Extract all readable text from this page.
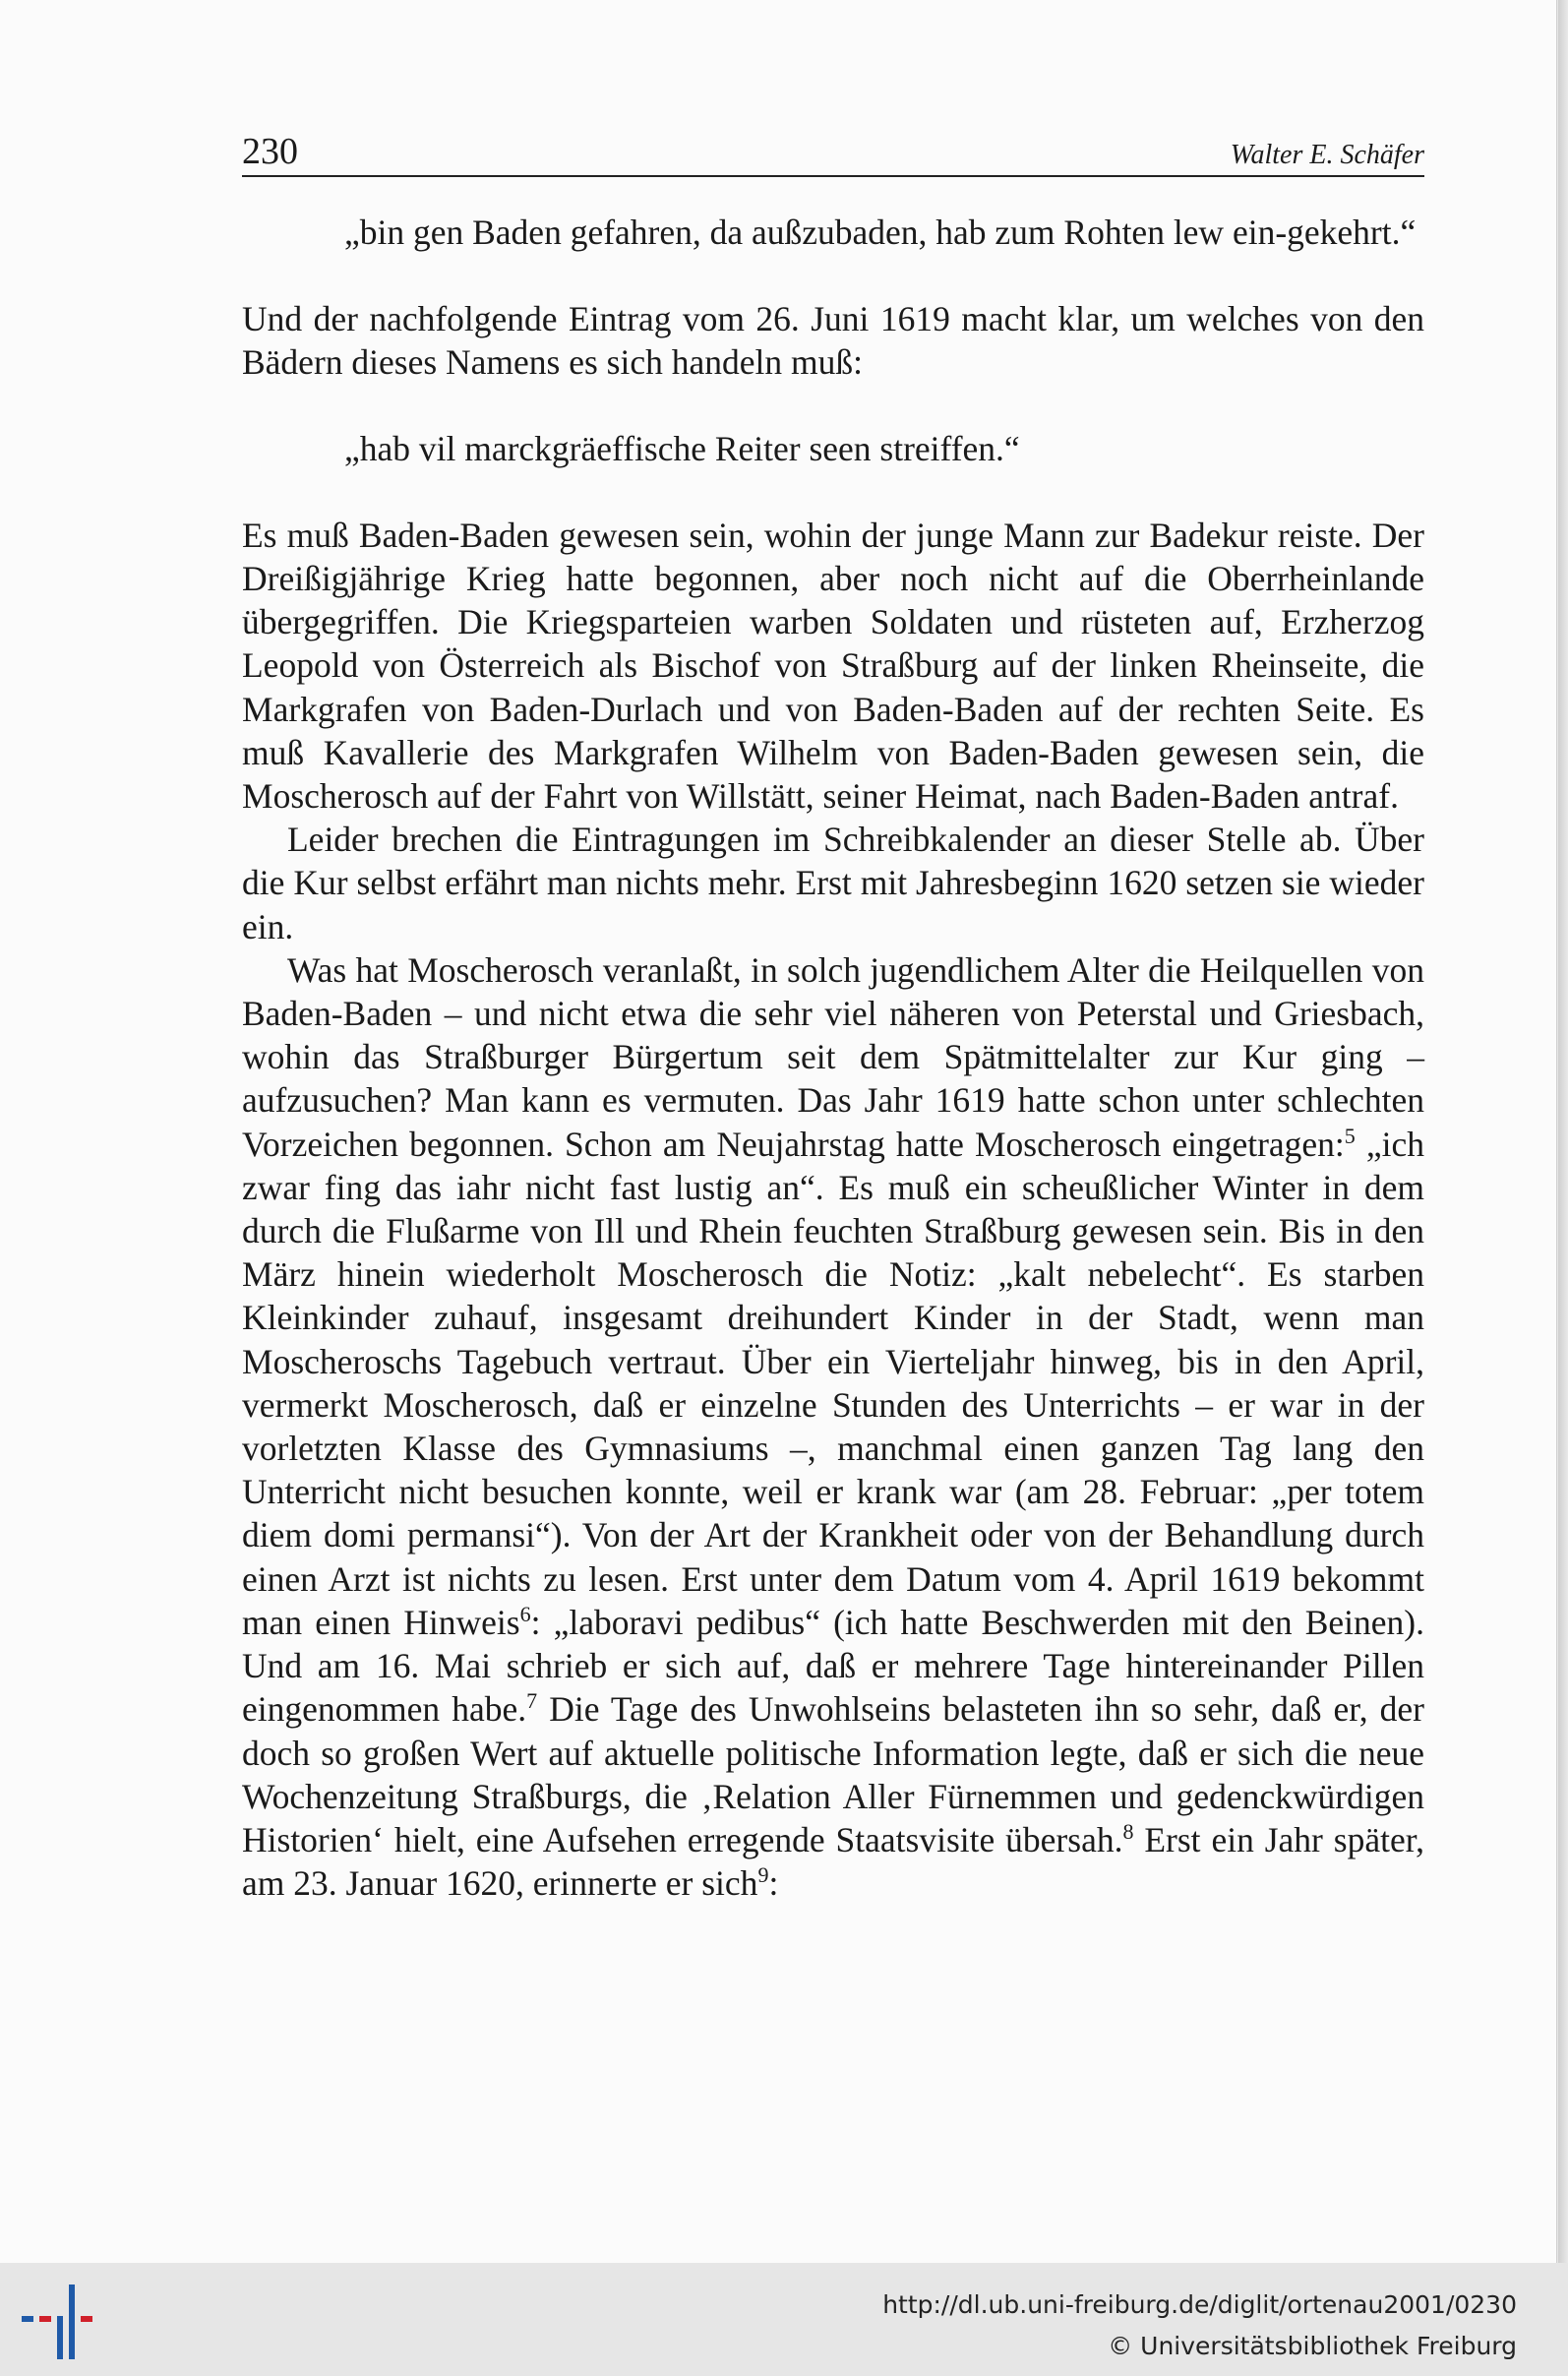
230	Walter E. Schäfer

„bin gen Baden gefahren, da außzubaden, hab zum Rohten lew ein-gekehrt.“

Und der nachfolgende Eintrag vom 26. Juni 1619 macht klar, um welches von den Bädern dieses Namens es sich handeln muß:

„hab vil marckgräeffische Reiter seen streiffen.“

Es muß Baden-Baden gewesen sein, wohin der junge Mann zur Badekur reiste. Der Dreißigjährige Krieg hatte begonnen, aber noch nicht auf die Oberrheinlande übergegriffen. Die Kriegsparteien warben Soldaten und rüsteten auf, Erzherzog Leopold von Österreich als Bischof von Straßburg auf der linken Rheinseite, die Markgrafen von Baden-Durlach und von Baden-Baden auf der rechten Seite. Es muß Kavallerie des Markgrafen Wilhelm von Baden-Baden gewesen sein, die Moscherosch auf der Fahrt von Willstätt, seiner Heimat, nach Baden-Baden antraf.

Leider brechen die Eintragungen im Schreibkalender an dieser Stelle ab. Über die Kur selbst erfährt man nichts mehr. Erst mit Jahresbeginn 1620 setzen sie wieder ein.

Was hat Moscherosch veranlaßt, in solch jugendlichem Alter die Heilquellen von Baden-Baden – und nicht etwa die sehr viel näheren von Peterstal und Griesbach, wohin das Straßburger Bürgertum seit dem Spätmittelalter zur Kur ging – aufzusuchen? Man kann es vermuten. Das Jahr 1619 hatte schon unter schlechten Vorzeichen begonnen. Schon am Neujahrstag hatte Moscherosch eingetragen:$^5$ „ich zwar fing das iahr nicht fast lustig an“. Es muß ein scheußlicher Winter in dem durch die Flußarme von Ill und Rhein feuchten Straßburg gewesen sein. Bis in den März hinein wiederholt Moscherosch die Notiz: „kalt nebelecht“. Es starben Kleinkinder zuhauf, insgesamt dreihundert Kinder in der Stadt, wenn man Moscheroschs Tagebuch vertraut. Über ein Vierteljahr hinweg, bis in den April, vermerkt Moscherosch, daß er einzelne Stunden des Unterrichts – er war in der vorletzten Klasse des Gymnasiums –, manchmal einen ganzen Tag lang den Unterricht nicht besuchen konnte, weil er krank war (am 28. Februar: „per totem diem domi permansi“). Von der Art der Krankheit oder von der Behandlung durch einen Arzt ist nichts zu lesen. Erst unter dem Datum vom 4. April 1619 bekommt man einen Hinweis$^6$: „laboravi pedibus“ (ich hatte Beschwerden mit den Beinen). Und am 16. Mai schrieb er sich auf, daß er mehrere Tage hintereinander Pillen eingenommen habe.$^7$ Die Tage des Unwohlseins belasteten ihn so sehr, daß er, der doch so großen Wert auf aktuelle politische Information legte, daß er sich die neue Wochenzeitung Straßburgs, die ‚Relation Aller Fürnemmen und gedenckwürdigen Historien‘ hielt, eine Aufsehen erregende Staatsvisite übersah.$^8$ Erst ein Jahr später, am 23. Januar 1620, erinnerte er sich$^9$:

http://dl.ub.uni-freiburg.de/diglit/ortenau2001/0230
© Universitätsbibliothek Freiburg
